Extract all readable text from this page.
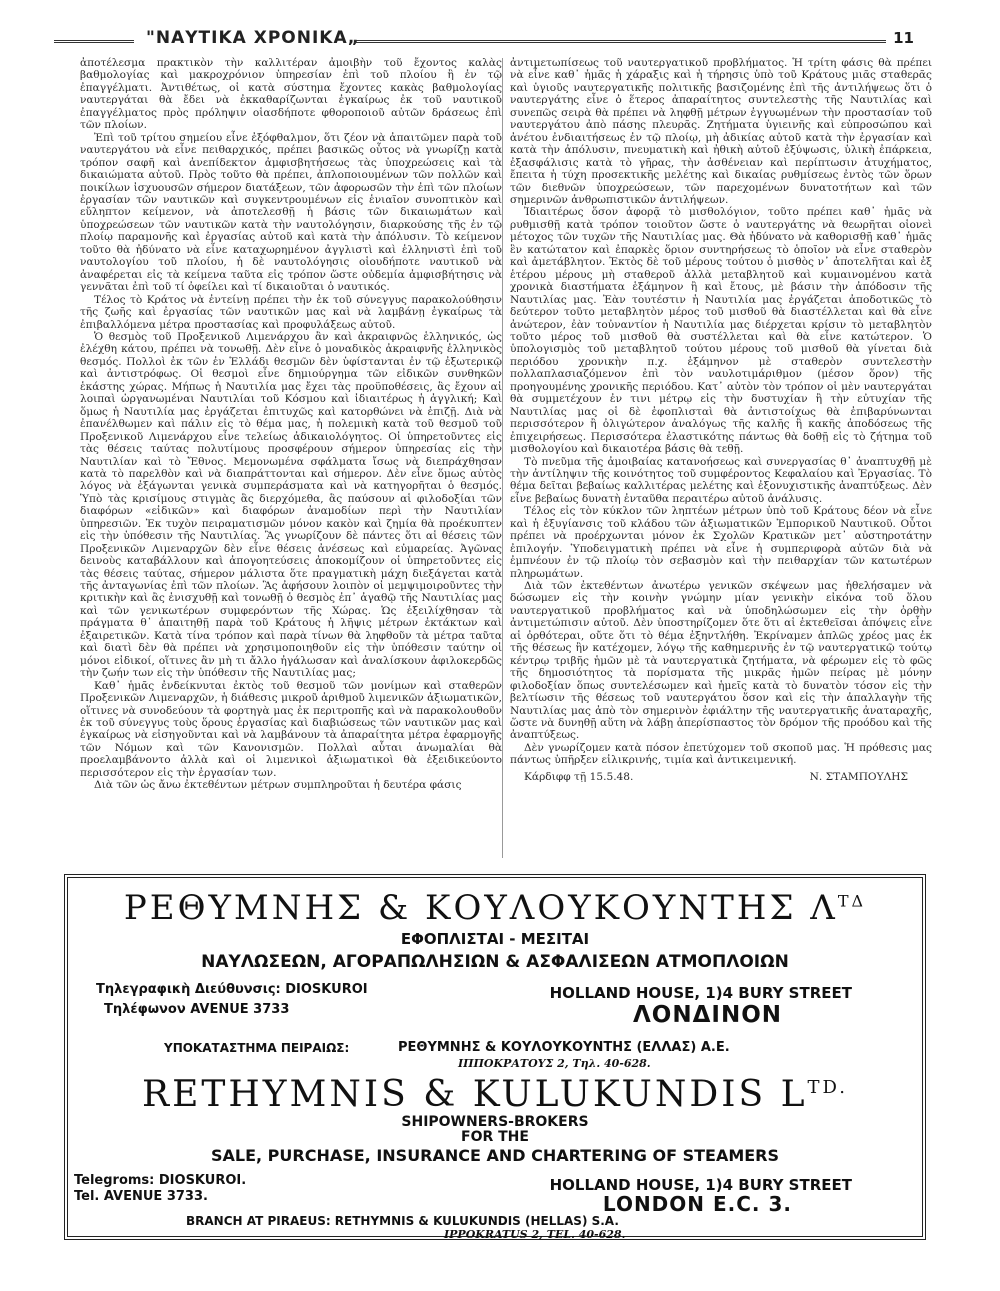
"ΝΑΥΤΙΚΑ ΧΡΟΝΙΚΑ„	11

ἀποτέλεσμα πρακτικὸν τὴν καλλιτέραν ἀμοιβὴν τοῦ ἔχοντος καλὰς βαθμολογίας καὶ μακροχρόνιον ὑπηρεσίαν ἐπὶ τοῦ πλοίου ἢ ἐν τῷ ἐπαγγέλματι. Ἀντιθέτως, οἱ κατὰ σύστημα ἔχοντες κακὰς βαθμολογίας ναυτεργάται θὰ ἔδει νὰ ἐκκαθαρίζωνται ἐγκαίρως ἐκ τοῦ ναυτικοῦ ἐπαγγέλματος πρὸς πρόληψιν οἱασδήποτε φθοροποιοῦ αὐτῶν δράσεως ἐπὶ τῶν πλοίων.

Ἐπὶ τοῦ τρίτου σημείου εἶνε ἐξόφθαλμον, ὅτι ζέον νὰ ἀπαιτῶμεν παρὰ τοῦ ναυτεργάτου νὰ εἶνε πειθαρχικός, πρέπει βασικῶς οὗτος νὰ γνωρίζῃ κατὰ τρόπον σαφῆ καὶ ἀνεπίδεκτον ἀμφισβητήσεως τὰς ὑποχρεώσεις καὶ τὰ δικαιώματα αὐτοῦ. Πρὸς τοῦτο θὰ πρέπει, ἀπλοποιουμένων τῶν πολλῶν καὶ ποικίλων ἰσχυουσῶν σήμερον διατάξεων, τῶν ἀφορωσῶν τὴν ἐπὶ τῶν πλοίων ἐργασίαν τῶν ναυτικῶν καὶ συγκεντρουμένων εἰς ἑνιαῖον συνοπτικὸν καὶ εὔληπτον κείμενον, νὰ ἀποτελεσθῇ ἡ βάσις τῶν δικαιωμάτων καὶ ὑποχρεώσεων τῶν ναυτικῶν κατὰ τὴν ναυτολόγησιν, διαρκούσης τῆς ἐν τῷ πλοίῳ παραμονῆς καὶ ἐργασίας αὐτοῦ καὶ κατὰ τὴν ἀπόλυσιν. Τὸ κείμενον τοῦτο θὰ ἠδύνατο νὰ εἶνε καταχωρημένον ἀγγλιστὶ καὶ ἑλληνιστὶ ἐπὶ τοῦ ναυτολογίου τοῦ πλοίου, ἡ δὲ ναυτολόγησις οἱουδήποτε ναυτικοῦ νὰ ἀναφέρεται εἰς τὰ κείμενα ταῦτα εἰς τρόπον ὥστε οὐδεμία ἀμφισβήτησις νὰ γεννᾶται ἐπὶ τοῦ τί ὀφείλει καὶ τί δικαιοῦται ὁ ναυτικός.

Τέλος τὸ Κράτος νὰ ἐντείνῃ πρέπει τὴν ἐκ τοῦ σύνεγγυς παρακολούθησιν τῆς ζωῆς καὶ ἐργασίας τῶν ναυτικῶν μας καὶ νὰ λαμβάνῃ ἐγκαίρως τὰ ἐπιβαλλόμενα μέτρα προστασίας καὶ προφυλάξεως αὐτοῦ.

Ὁ θεσμὸς τοῦ Προξενικοῦ Λιμενάρχου ἂν καὶ ἀκραιφνῶς ἑλληνικός, ὡς ἐλέχθη κάτου, πρέπει νὰ τονωθῇ. Δὲν εἶνε ὁ μοναδικὸς ἀκραιφνῆς ἑλληνικὸς θεσμός. Πολλοὶ ἐκ τῶν ἐν Ἑλλάδι θεσμῶν δὲν ὑφίστανται ἐν τῷ ἐξωτερικῷ καὶ ἀντιστρόφως. Οἱ θεσμοὶ εἶνε δημιούργημα τῶν εἰδικῶν συνθηκῶν ἑκάστης χώρας. Μήπως ἡ Ναυτιλία μας ἔχει τὰς προϋποθέσεις, ἃς ἔχουν αἱ λοιπαὶ ὠργανωμέναι Ναυτιλίαι τοῦ Κόσμου καὶ ἰδιαιτέρως ἡ ἀγγλική; Καὶ ὅμως ἡ Ναυτιλία μας ἐργάζεται ἐπιτυχῶς καὶ κατορθώνει νὰ ἐπιζῇ. Διὰ νὰ ἐπανέλθωμεν καὶ πάλιν εἰς τὸ θέμα μας, ἡ πολεμικὴ κατὰ τοῦ θεσμοῦ τοῦ Προξενικοῦ Λιμενάρχου εἶνε τελείως ἀδικαιολόγητος. Οἱ ὑπηρετοῦντες εἰς τὰς θέσεις ταύτας πολυτίμους προσφέρουν σήμερον ὑπηρεσίας εἰς τὴν Ναυτιλίαν καὶ τὸ Ἔθνος. Μεμονωμένα σφάλματα ἴσως νὰ διεπράχθησαν κατὰ τὸ παρελθὸν καὶ νὰ διαπράττονται καὶ σήμερον. Δὲν εἶνε ὅμως αὐτὸς λόγος νὰ ἐξάγωνται γενικὰ συμπεράσματα καὶ νὰ κατηγορῆται ὁ θεσμός. Ὑπὸ τὰς κρισίμους στιγμὰς ἃς διερχόμεθα, ἃς παύσουν αἱ φιλοδοξίαι τῶν διαφόρων «εἰδικῶν» καὶ διαφόρων ἀναμοδίων περὶ τὴν Ναυτιλίαν ὑπηρεσιῶν. Ἐκ τυχὸν πειραματισμῶν μόνον κακὸν καὶ ζημία θὰ προέκυπτεν εἰς τὴν ὑπόθεσιν τῆς Ναυτιλίας. Ἂς γνωρίζουν δὲ πάντες ὅτι αἱ θέσεις τῶν Προξενικῶν Λιμεναρχῶν δὲν εἶνε θέσεις ἀνέσεως καὶ εὐμαρείας. Ἀγῶνας δεινοὺς καταβάλλουν καὶ ἀπογοητεύσεις ἀποκομίζουν οἱ ὑπηρετοῦντες εἰς τὰς θέσεις ταύτας, σήμερον μάλιστα ὅτε πραγματικὴ μάχη διεξάγεται κατὰ τῆς ἀνταγωνίας ἐπὶ τῶν πλοίων. Ἂς ἀφήσουν λοιπὸν οἱ μεμψιμοιροῦντες τὴν κριτικὴν καὶ ἂς ἐνισχυθῇ καὶ τονωθῇ ὁ θεσμὸς ἐπ᾽ ἀγαθῷ τῆς Ναυτιλίας μας καὶ τῶν γενικωτέρων συμφερόντων τῆς Χώρας. Ὡς ἐξειλίχθησαν τὰ πράγματα θ᾽ ἀπαιτηθῇ παρὰ τοῦ Κράτους ἡ λῆψις μέτρων ἐκτάκτων καὶ ἐξαιρετικῶν. Κατὰ τίνα τρόπον καὶ παρὰ τίνων θὰ ληφθοῦν τὰ μέτρα ταῦτα καὶ διατὶ δὲν θὰ πρέπει νὰ χρησιμοποιηθοῦν εἰς τὴν ὑπόθεσιν ταύτην οἱ μόνοι εἰδικοί, οἵτινες ἂν μὴ τι ἄλλο ἠγάλωσαν καὶ ἀναλίσκουν ἀφιλοκερδῶς τὴν ζωήν των εἰς τὴν ὑπόθεσιν τῆς Ναυτιλίας μας;

Καθ᾽ ἡμᾶς ἐνδείκνυται ἐκτὸς τοῦ θεσμοῦ τῶν μονίμων καὶ σταθερῶν Προξενικῶν Λιμεναρχῶν, ἡ διάθεσις μικροῦ ἀριθμοῦ λιμενικῶν ἀξιωματικῶν, οἵτινες νὰ συνοδεύουν τὰ φορτηγὰ μας ἐκ περιτροπῆς καὶ νὰ παρακολουθοῦν ἐκ τοῦ σύνεγγυς τοὺς ὅρους ἐργασίας καὶ διαβιώσεως τῶν ναυτικῶν μας καὶ ἐγκαίρως νὰ εἰσηγοῦνται καὶ νὰ λαμβάνουν τὰ ἀπαραίτητα μέτρα ἐφαρμογῆς τῶν Νόμων καὶ τῶν Κανονισμῶν. Πολλαὶ αὗται ἀνωμαλίαι θὰ προελαμβάνοντο ἀλλὰ καὶ οἱ λιμενικοὶ ἀξιωματικοὶ θὰ ἐξειδικεύοντο περισσότερον εἰς τὴν ἐργασίαν των.

Διὰ τῶν ὡς ἄνω ἐκτεθέντων μέτρων συμπληροῦται ἡ δευτέρα φάσις

ἀντιμετωπίσεως τοῦ ναυτεργατικοῦ προβλήματος. Ἡ τρίτη φάσις θὰ πρέπει νὰ εἶνε καθ᾽ ἡμᾶς ἡ χάραξις καὶ ἡ τήρησις ὑπὸ τοῦ Κράτους μιᾶς σταθερᾶς καὶ ὑγιοῦς ναυτεργατικῆς πολιτικῆς βασιζομένης ἐπὶ τῆς ἀντιλήψεως ὅτι ὁ ναυτεργάτης εἶνε ὁ ἕτερος ἀπαραίτητος συντελεστὴς τῆς Ναυτιλίας καὶ συνεπῶς σειρὰ θὰ πρέπει νὰ ληφθῇ μέτρων ἐγγυωμένων τὴν προστασίαν τοῦ ναυτεργάτου ἀπὸ πάσης πλευρᾶς. Ζητήματα ὑγιεινῆς καὶ εὐπροσώπου καὶ ἀνέτου ἐνδιαιτήσεως ἐν τῷ πλοίῳ, μὴ ἀδικίας αὐτοῦ κατὰ τὴν ἐργασίαν καὶ κατὰ τὴν ἀπόλυσιν, πνευματικὴ καὶ ἠθικὴ αὐτοῦ ἐξύψωσις, ὑλικὴ ἐπάρκεια, ἐξασφάλισις κατὰ τὸ γῆρας, τὴν ἀσθένειαν καὶ περίπτωσιν ἀτυχήματος, ἔπειτα ἡ τύχη προσεκτικῆς μελέτης καὶ δικαίας ρυθμίσεως ἐντὸς τῶν ὅρων τῶν διεθνῶν ὑποχρεώσεων, τῶν παρεχομένων δυνατοτήτων καὶ τῶν σημερινῶν ἀνθρωπιστικῶν ἀντιλήψεων.

Ἰδιαιτέρως ὅσον ἀφορᾷ τὸ μισθολόγιον, τοῦτο πρέπει καθ᾽ ἡμᾶς νὰ ρυθμισθῇ κατὰ τρόπον τοιοῦτον ὥστε ὁ ναυτεργάτης νὰ θεωρῆται οἱονεὶ μέτοχος τῶν τυχῶν τῆς Ναυτιλίας μας. Θὰ ἠδύνατο νὰ καθορισθῇ καθ᾽ ἡμᾶς ἓν κατώτατον καὶ ἐπαρκὲς ὅριον συντηρήσεως τὸ ὁποῖον νὰ εἶνε σταθερὸν καὶ ἀμετάβλητον. Ἐκτὸς δὲ τοῦ μέρους τούτου ὁ μισθὸς ν᾽ ἀποτελῆται καὶ ἐξ ἑτέρου μέρους μὴ σταθεροῦ ἀλλὰ μεταβλητοῦ καὶ κυμαινομένου κατὰ χρονικὰ διαστήματα ἑξάμηνον ἢ καὶ ἔτους, μὲ βάσιν τὴν ἀπόδοσιν τῆς Ναυτιλίας μας. Ἐὰν τουτέστιν ἡ Ναυτιλία μας ἐργάζεται ἀποδοτικῶς τὸ δεύτερον τοῦτο μεταβλητὸν μέρος τοῦ μισθοῦ θὰ διαστέλλεται καὶ θὰ εἶνε ἀνώτερον, ἐὰν τοὐναντίον ἡ Ναυτιλία μας διέρχεται κρίσιν τὸ μεταβλητὸν τοῦτο μέρος τοῦ μισθοῦ θὰ συστέλλεται καὶ θὰ εἶνε κατώτερον. Ὁ ὑπολογισμὸς τοῦ μεταβλητοῦ τούτου μέρους τοῦ μισθοῦ θὰ γίνεται διὰ περιόδου χρονικὴν π.χ. ἑξάμηνον μὲ σταθερὸν συντελεστὴν πολλαπλασιαζόμενον ἐπὶ τὸν ναυλοτιμάριθμον (μέσον ὅρον) τῆς προηγουμένης χρονικῆς περιόδου. Κατ᾽ αὐτὸν τὸν τρόπον οἱ μὲν ναυτεργάται θὰ συμμετέχουν ἐν τινι μέτρῳ εἰς τὴν δυστυχίαν ἢ τὴν εὐτυχίαν τῆς Ναυτιλίας μας οἱ δὲ ἐφοπλισταὶ θὰ ἀντιστοίχως θὰ ἐπιβαρύνωνται περισσότερον ἢ ὀλιγώτερον ἀναλόγως τῆς καλῆς ἢ κακῆς ἀποδόσεως τῆς ἐπιχειρήσεως. Περισσότερα ἐλαστικότης πάντως θὰ δοθῇ εἰς τὸ ζήτημα τοῦ μισθολογίου καὶ δικαιοτέρα βάσις θὰ τεθῇ.

Τὸ πνεῦμα τῆς ἀμοιβαίας κατανοήσεως καὶ συνεργασίας θ᾽ ἀναπτυχθῇ μὲ τὴν ἀντίληψιν τῆς κοινότητος τοῦ συμφέροντος Κεφαλαίου καὶ Ἐργασίας. Τὸ θέμα δεῖται βεβαίως καλλιτέρας μελέτης καὶ ἐξονυχιστικῆς ἀναπτύξεως. Δὲν εἶνε βεβαίως δυνατὴ ἐνταῦθα περαιτέρω αὐτοῦ ἀνάλυσις.

Τέλος εἰς τὸν κύκλον τῶν ληπτέων μέτρων ὑπὸ τοῦ Κράτους δέον νὰ εἶνε καὶ ἡ ἐξυγίανσις τοῦ κλάδου τῶν ἀξιωματικῶν Ἐμπορικοῦ Ναυτικοῦ. Οὗτοι πρέπει νὰ προέρχωνται μόνον ἐκ Σχολῶν Κρατικῶν μετ᾽ αὐστηροτάτην ἐπιλογήν. Ὑποδειγματικὴ πρέπει νὰ εἶνε ἡ συμπεριφορὰ αὐτῶν διὰ νὰ ἐμπνέουν ἐν τῷ πλοίῳ τὸν σεβασμὸν καὶ τὴν πειθαρχίαν τῶν κατωτέρων πληρωμάτων.

Διὰ τῶν ἐκτεθέντων ἀνωτέρω γενικῶν σκέψεων μας ἠθελήσαμεν νὰ δώσωμεν εἰς τὴν κοινὴν γνώμην μίαν γενικὴν εἰκόνα τοῦ ὅλου ναυτεργατικοῦ προβλήματος καὶ νὰ ὑποδηλώσωμεν εἰς τὴν ὀρθὴν ἀντιμετώπισιν αὐτοῦ. Δὲν ὑποστηρίζομεν ὅτε ὅτι αἱ ἐκτεθεῖσαι ἀπόψεις εἶνε αἱ ὀρθότεραι, οὔτε ὅτι τὸ θέμα ἐξηντλήθη. Ἐκρίναμεν ἁπλῶς χρέος μας ἐκ τῆς θέσεως ἣν κατέχομεν, λόγῳ τῆς καθημερινῆς ἐν τῷ ναυτεργατικῷ τούτῳ κέντρῳ τριβῆς ἡμῶν μὲ τὰ ναυτεργατικὰ ζητήματα, νὰ φέρωμεν εἰς τὸ φῶς τῆς δημοσιότητος τὰ πορίσματα τῆς μικρᾶς ἡμῶν πείρας μὲ μόνην φιλοδοξίαν ὅπως συντελέσωμεν καὶ ἡμεῖς κατὰ τὸ δυνατὸν τόσον εἰς τὴν βελτίωσιν τῆς θέσεως τοῦ ναυτεργάτου ὅσον καὶ εἰς τὴν ἀπαλλαγὴν τῆς Ναυτιλίας μας ἀπὸ τὸν σημερινὸν ἐφιάλτην τῆς ναυτεργατικῆς ἀναταραχῆς, ὥστε νὰ δυνηθῇ αὕτη νὰ λάβῃ ἀπερίσπαστος τὸν δρόμον τῆς προόδου καὶ τῆς ἀναπτύξεως.

Δὲν γνωρίζομεν κατὰ πόσον ἐπετύχομεν τοῦ σκοποῦ μας. Ἡ πρόθεσις μας πάντως ὑπῆρξεν εἰλικρινής, τιμία καὶ ἀντικειμενική.

Κάρδιφφ τῇ 15.5.48.	Ν. ΣΤΑΜΠΟΥΛΗΣ
ΡΕΘΥΜΝΗΣ & ΚΟΥΛΟΥΚΟΥΝΤΗΣ $\Lambda^{T\Delta}$
ΕΦΟΠΛΙΣΤΑΙ - ΜΕΣΙΤΑΙ
ΝΑΥΛΩΣΕΩΝ, ΑΓΟΡΑΠΩΛΗΣΙΩΝ & ΑΣΦΑΛΙΣΕΩΝ ΑΤΜΟΠΛΟΙΩΝ
Τηλεγραφικὴ Διεύθυνσις: DIOSKUROI
Τηλέφωνον AVENUE 3733
HOLLAND HOUSE, 1)4 BURY STREET
ΛΟΝΔΙΝΟΝ
ΥΠΟΚΑΤΑΣΤΗΜΑ ΠΕΙΡΑΙΩΣ:	ΡΕΘΥΜΝΗΣ & ΚΟΥΛΟΥΚΟΥΝΤΗΣ (ΕΛΛΑΣ) Α.Ε.
ΙΠΠΟΚΡΑΤΟΥΣ 2, Τηλ. 40-628.
RETHYMNIS & KULUKUNDIS $L^{TD.}$
SHIPOWNERS-BROKERS
FOR THE
SALE, PURCHASE, INSURANCE AND CHARTERING OF STEAMERS
Telegroms: DIOSKUROI.
Tel. AVENUE 3733.
HOLLAND HOUSE, 1)4 BURY STREET
LONDON E.C. 3.
BRANCH AT PIRAEUS: RETHYMNIS & KULUKUNDIS (HELLAS) S.A.
IPPOKRATUS 2, TEL. 40-628.
